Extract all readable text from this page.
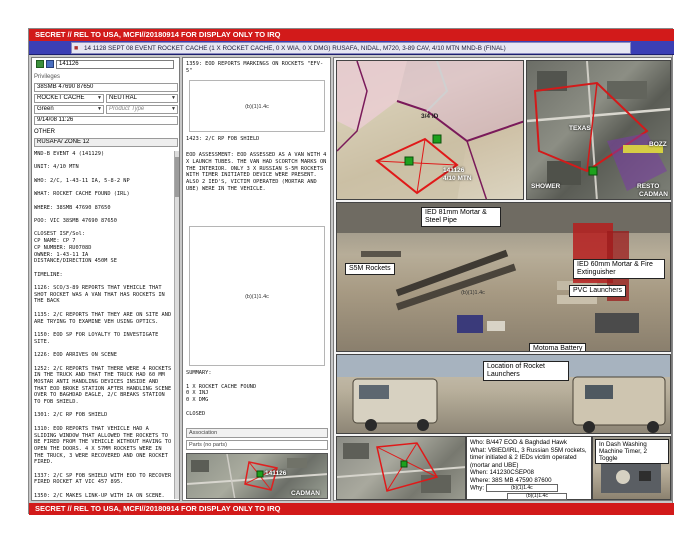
SECRET // REL TO USA, MCFI//20180914 FOR DISPLAY ONLY TO IRQ
■ 14 1128 SEPT 08 EVENT ROCKET CACHE (1 X ROCKET CACHE, 0 X WIA, 0 X DMG) RUSAFA, NIDAL, M720, 3-89 CAV, 4/10 MTN MND-B (FINAL)
141126
Privileges
38SMB 47690 87650
ROCKET CACHE ▼	NEUTRAL	▼
Green	▼	Product Type	▼
9/14/08 11:26
OTHER
RUSAFA/ ZONE 12
MND-B EVENT 4 (141129)

UNIT: 4/10 MTN

WHO: 2/C, 1-43-11 IA, 5-8-2 NP

WHAT: ROCKET CACHE FOUND (IRL)

WHERE: 38SMB 47690 87650

POO: VIC 38SMB 47690 87650

CLOSEST ISF/Sol:
CP NAME: CP 7
CP NUMBER: RU0708D
OWNER: 1-43-11 IA
DISTANCE/DIRECTION 450M SE

TIMELINE:

1126: SCO/3-89 REPORTS THAT VEHICLE THAT SHOT ROCKET WAS A VAN THAT HAS ROCKETS IN THE BACK

1135: 2/C REPORTS THAT THEY ARE ON SITE AND ARE TRYING TO EXAMINE VEH USING OPTICS.

1150: EOD SP FOR LOYALTY TO INVESTIGATE SITE.

1226: EOD ARRIVES ON SCENE

1252: 2/C REPORTS THAT THERE WERE 4 ROCKETS IN THE TRUCK AND THAT THE TRUCK HAD 60 MM MOSTAR ANTI HANDLING DEVICES INSIDE AND THAT EOD BROKE STATION AFTER HANDLING SCENE OVER TO BAGHDAD EAGLE, 2/C BREAKS STATION TO FOB SHIELD.

1301: 2/C RP FOB SHIELD

1310: EOD REPORTS THAT VEHICLE HAD A SLIDING WINDOW THAT ALLOWED THE ROCKETS TO BE FIRED FROM THE VEHICLE WITHOUT HAVING TO OPEN THE DOORS. 4 X 57MM ROCKETS WERE IN THE TRUCK, 3 WERE RECOVERED AND ONE ROCKET FIRED.

1337: 2/C SP FOB SHIELD WITH EOD TO RECOVER FIRED ROCKET AT VIC 457 895.

1350: 2/C MAKES LINK-UP WITH IA ON SCENE.

1359: EOD REPORTS MARKINGS ON ROCKETS "EFV-5"
(b)(1)1.4c
1423: 2/C RP FOB SHIELD
EOD ASSESSMENT: EOD ASSESSED AS A VAN WITH 4 X LAUNCH TUBES. THE VAN HAD SCORTCH MARKS ON THE INTERIOR. ONLY 3 X RUSSIAN S-5M ROCKETS WITH TIMER INITIATED DEVICE WERE PRESENT. ALSO 2 IED'S, VICTIM OPERATED (MORTAR AND UBE) WERE IN THE VEHICLE.
(b)(1)1.4c
SUMMARY:

1 X ROCKET CACHE FOUND
0 X INJ
0 X DMG

CLOSED
Association
Parts (no parts)
141126
CADMAN
3/4 ID
141126
4/10 MTN
TEXAS
BOZZ
SHOWER	RESTO
CADMAN
IED 81mm Mortar & Steel Pipe
S5M Rockets
IED 60mm Mortar & Fire Extinguisher
PVC Launchers
Motoma Battery
(b)(1)1.4c
Location of Rocket Launchers
Who: B/447 EOD & Baghdad Hawk
What: VBIED/IRL, 3 Russian S5M rockets, timer initiated & 2 IEDs victim operated (mortar and UBE)
When: 141230CSEP08
Where: 38S MB 47590 87600
Why:	(b)(1)1.4c
(b)(1)1.4c
In Dash Washing Machine Timer, 2 Toggle
SECRET // REL TO USA, MCFI//20180914 FOR DISPLAY ONLY TO IRQ
